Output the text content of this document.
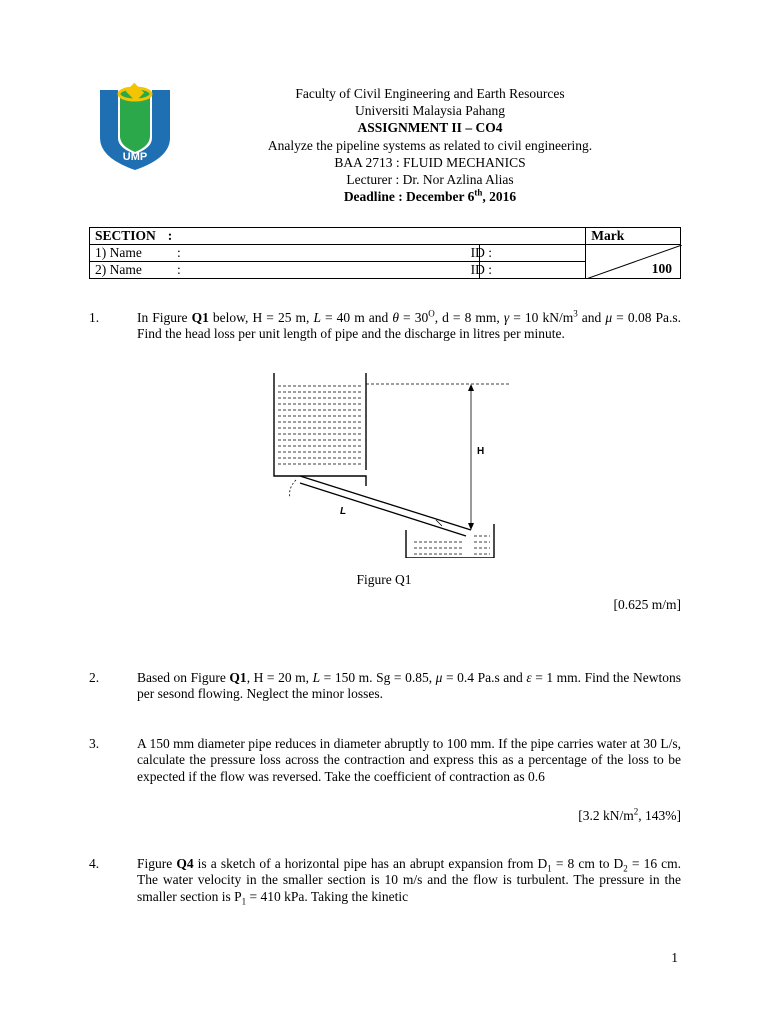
UMP
Faculty of Civil Engineering and Earth Resources
Universiti Malaysia Pahang
ASSIGNMENT II – CO4
Analyze the pipeline systems as related to civil engineering.
BAA 2713 : FLUID MECHANICS
Lecturer : Dr. Nor Azlina Alias
Deadline : December 6th, 2016
SECTION :		Mark
1) Name :	ID :	100

2) Name :	ID :	
1.	In Figure Q1 below, H = 25 m, L = 40 m and $\theta = 30^O$, d = 8 mm, γ = 10 $kN/m^3$ and μ = 0.08 Pa.s. Find the head loss per unit length of pipe and the discharge in litres per minute.
H
L
Figure Q1
[0.625 m/m]
2.	Based on Figure Q1, H = 20 m, L = 150 m. Sg = 0.85, μ = 0.4 Pa.s and ε = 1 mm. Find the Newtons per sesond flowing. Neglect the minor losses.
3.	A 150 mm diameter pipe reduces in diameter abruptly to 100 mm. If the pipe carries water at 30 L/s, calculate the pressure loss across the contraction and express this as a percentage of the loss to be expected if the flow was reversed. Take the coefficient of contraction as 0.6
[3.2 $kN/m^2$, 143%]
4.	Figure Q4 is a sketch of a horizontal pipe has an abrupt expansion from $D_1 = 8$ cm to $D_2 = 16$ cm. The water velocity in the smaller section is 10 m/s and the flow is turbulent. The pressure in the smaller section is $P_1 = 410$ kPa. Taking the kinetic
1
